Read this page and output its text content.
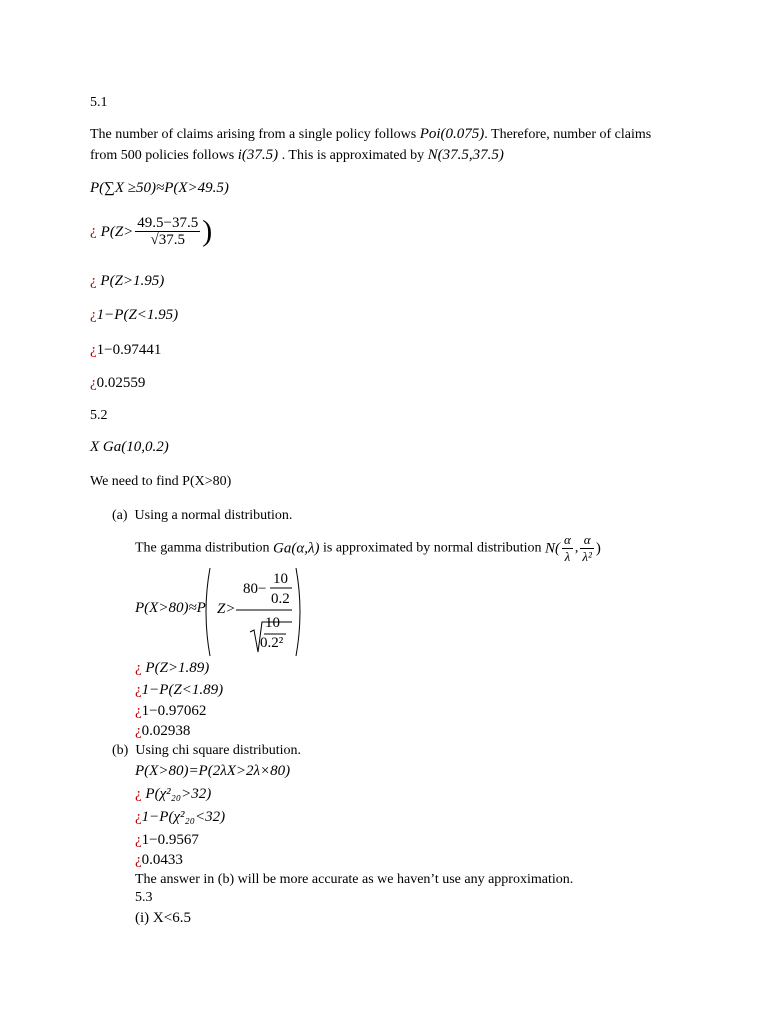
5.1
The number of claims arising from a single policy follows Poi(0.075). Therefore, number of claims
from 500 policies follows i(37.5) . This is approximated by N(37.5,37.5)
P(∑X ≥50)≈P(X>49.5)
¿ $P(Z> \frac{49.5-37.5}{√37.5}$ )
¿ P(Z>1.95)
¿1−P(Z<1.95)
¿1−0.97441
¿0.02559
5.2
X Ga(10,0.2)
We need to find P(X>80)
(a) Using a normal distribution.
The gamma distribution Ga(α,λ) is approximated by normal distribution $N( \frac{\alpha}{\lambda}$ , $\frac{\alpha}{\text{λ²}}$ )
P(X>80)≈P Z>
80−
10
0.2
10
0.2²
¿ P(Z>1.89)
¿1−P(Z<1.89)
¿1−0.97062
¿0.02938
(b) Using chi square distribution.
P(X>80)=P(2λX>2λ×80)
¿ P(χ²₂₀>32)
¿1−P(χ²₂₀<32)
¿1−0.9567
¿0.0433
The answer in (b) will be more accurate as we haven’t use any approximation.
5.3
(i) X<6.5
